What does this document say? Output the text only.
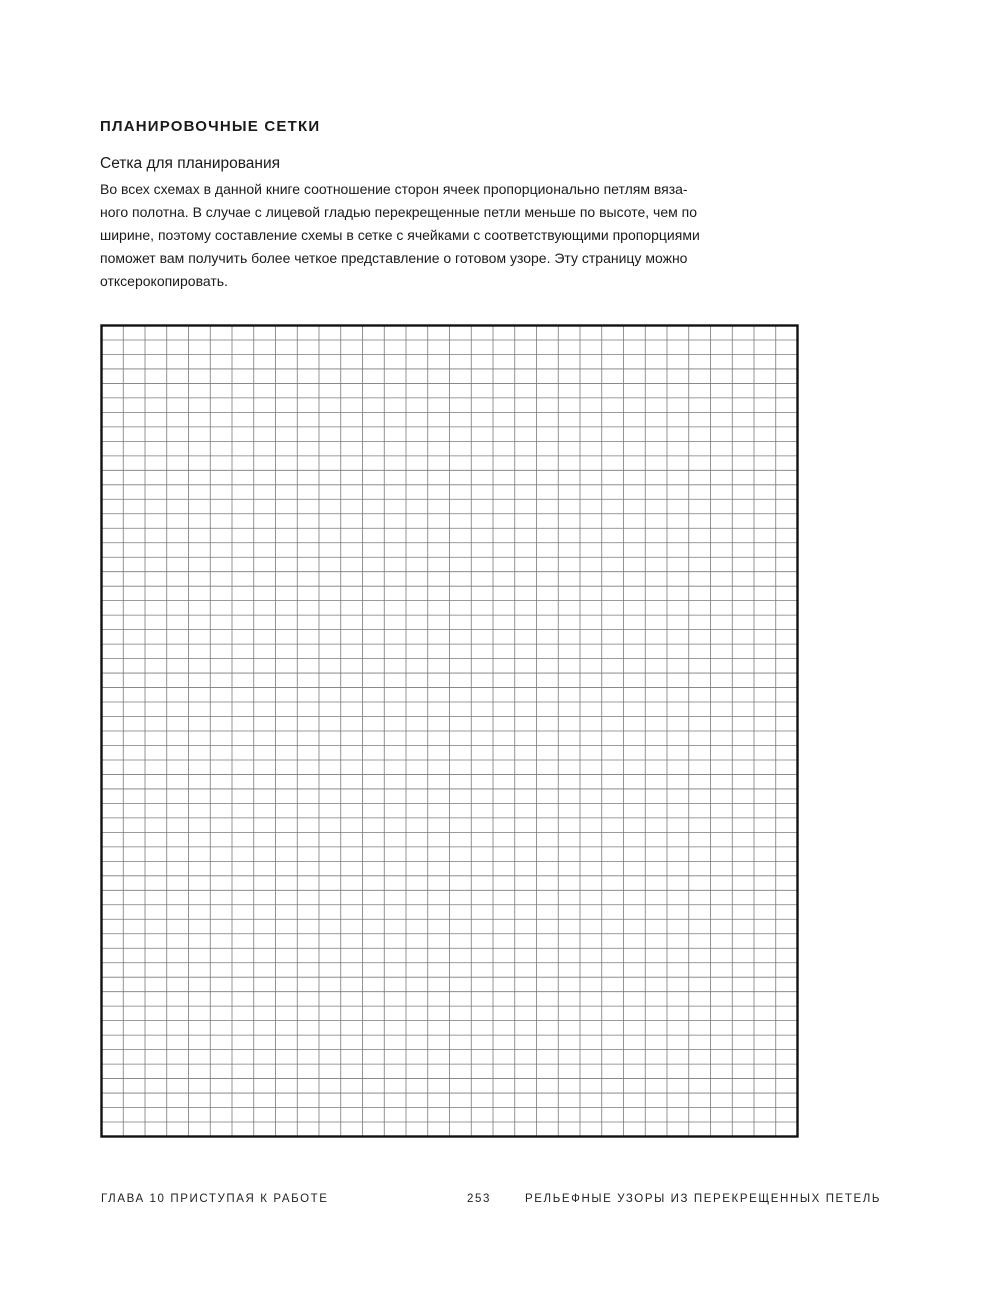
ПЛАНИРОВОЧНЫЕ СЕТКИ
Сетка для планирования

Во всех схемах в данной книге соотношение сторон ячеек пропорционально петлям вяза-
ного полотна. В случае с лицевой гладью перекрещенные петли меньше по высоте, чем по
ширине, поэтому составление схемы в сетке с ячейками с соответствующими пропорциями
поможет вам получить более четкое представление о готовом узоре. Эту страницу можно
отксерокопировать.

ГЛАВА 10 ПРИСТУПАЯ К РАБОТЕ	253	РЕЛЬЕФНЫЕ УЗОРЫ ИЗ ПЕРЕКРЕЩЕННЫХ ПЕТЕЛЬ
